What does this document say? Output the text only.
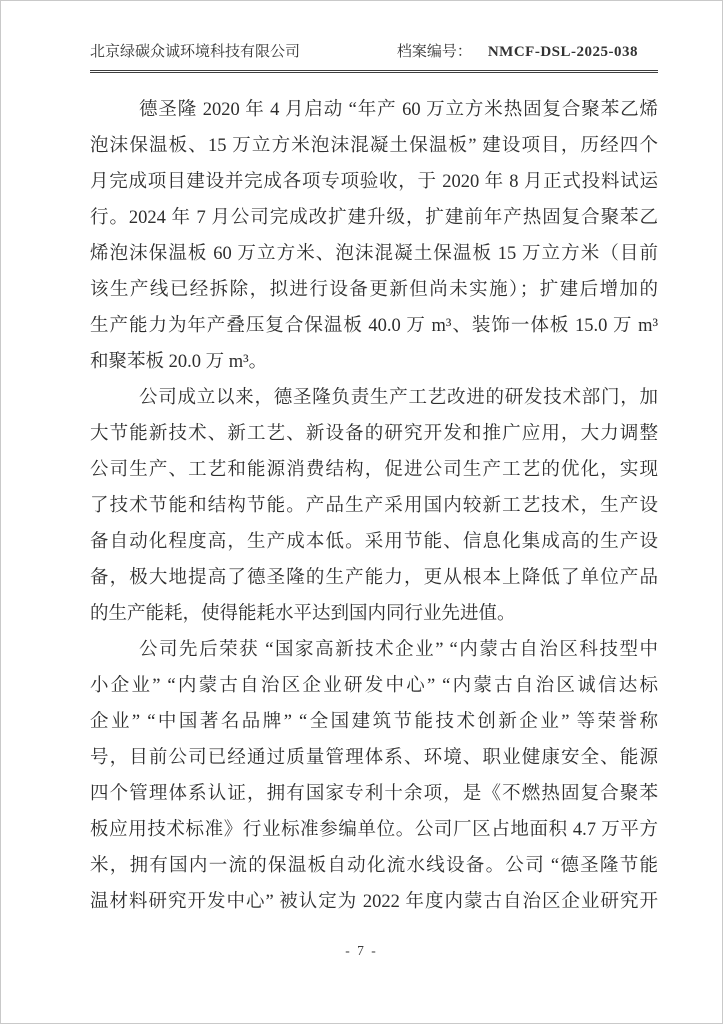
北京绿碳众诚环境科技有限公司	档案编号： NMCF-DSL-2025-038
德圣隆 2020 年 4 月启动 “年产 60 万立方米热固复合聚苯乙烯
泡沫保温板、15 万立方米泡沫混凝土保温板” 建设项目，历经四个
月完成项目建设并完成各项专项验收，于 2020 年 8 月正式投料试运
行。2024 年 7 月公司完成改扩建升级，扩建前年产热固复合聚苯乙
烯泡沫保温板 60 万立方米、泡沫混凝土保温板 15 万立方米（目前
该生产线已经拆除，拟进行设备更新但尚未实施）；扩建后增加的
生产能力为年产叠压复合保温板 40.0 万 m³、装饰一体板 15.0 万 m³
和聚苯板 20.0 万 m³。
公司成立以来，德圣隆负责生产工艺改进的研发技术部门，加
大节能新技术、新工艺、新设备的研究开发和推广应用，大力调整
公司生产、工艺和能源消费结构，促进公司生产工艺的优化，实现
了技术节能和结构节能。产品生产采用国内较新工艺技术，生产设
备自动化程度高，生产成本低。采用节能、信息化集成高的生产设
备，极大地提高了德圣隆的生产能力，更从根本上降低了单位产品
的生产能耗，使得能耗水平达到国内同行业先进值。
公司先后荣获 “国家高新技术企业” “内蒙古自治区科技型中
小企业” “内蒙古自治区企业研发中心” “内蒙古自治区诚信达标
企业” “中国著名品牌” “全国建筑节能技术创新企业” 等荣誉称
号，目前公司已经通过质量管理体系、环境、职业健康安全、能源
四个管理体系认证，拥有国家专利十余项，是《不燃热固复合聚苯
板应用技术标准》行业标准参编单位。公司厂区占地面积 4.7 万平方
米，拥有国内一流的保温板自动化流水线设备。公司 “德圣隆节能
温材料研究开发中心” 被认定为 2022 年度内蒙古自治区企业研究开
- 7 -
